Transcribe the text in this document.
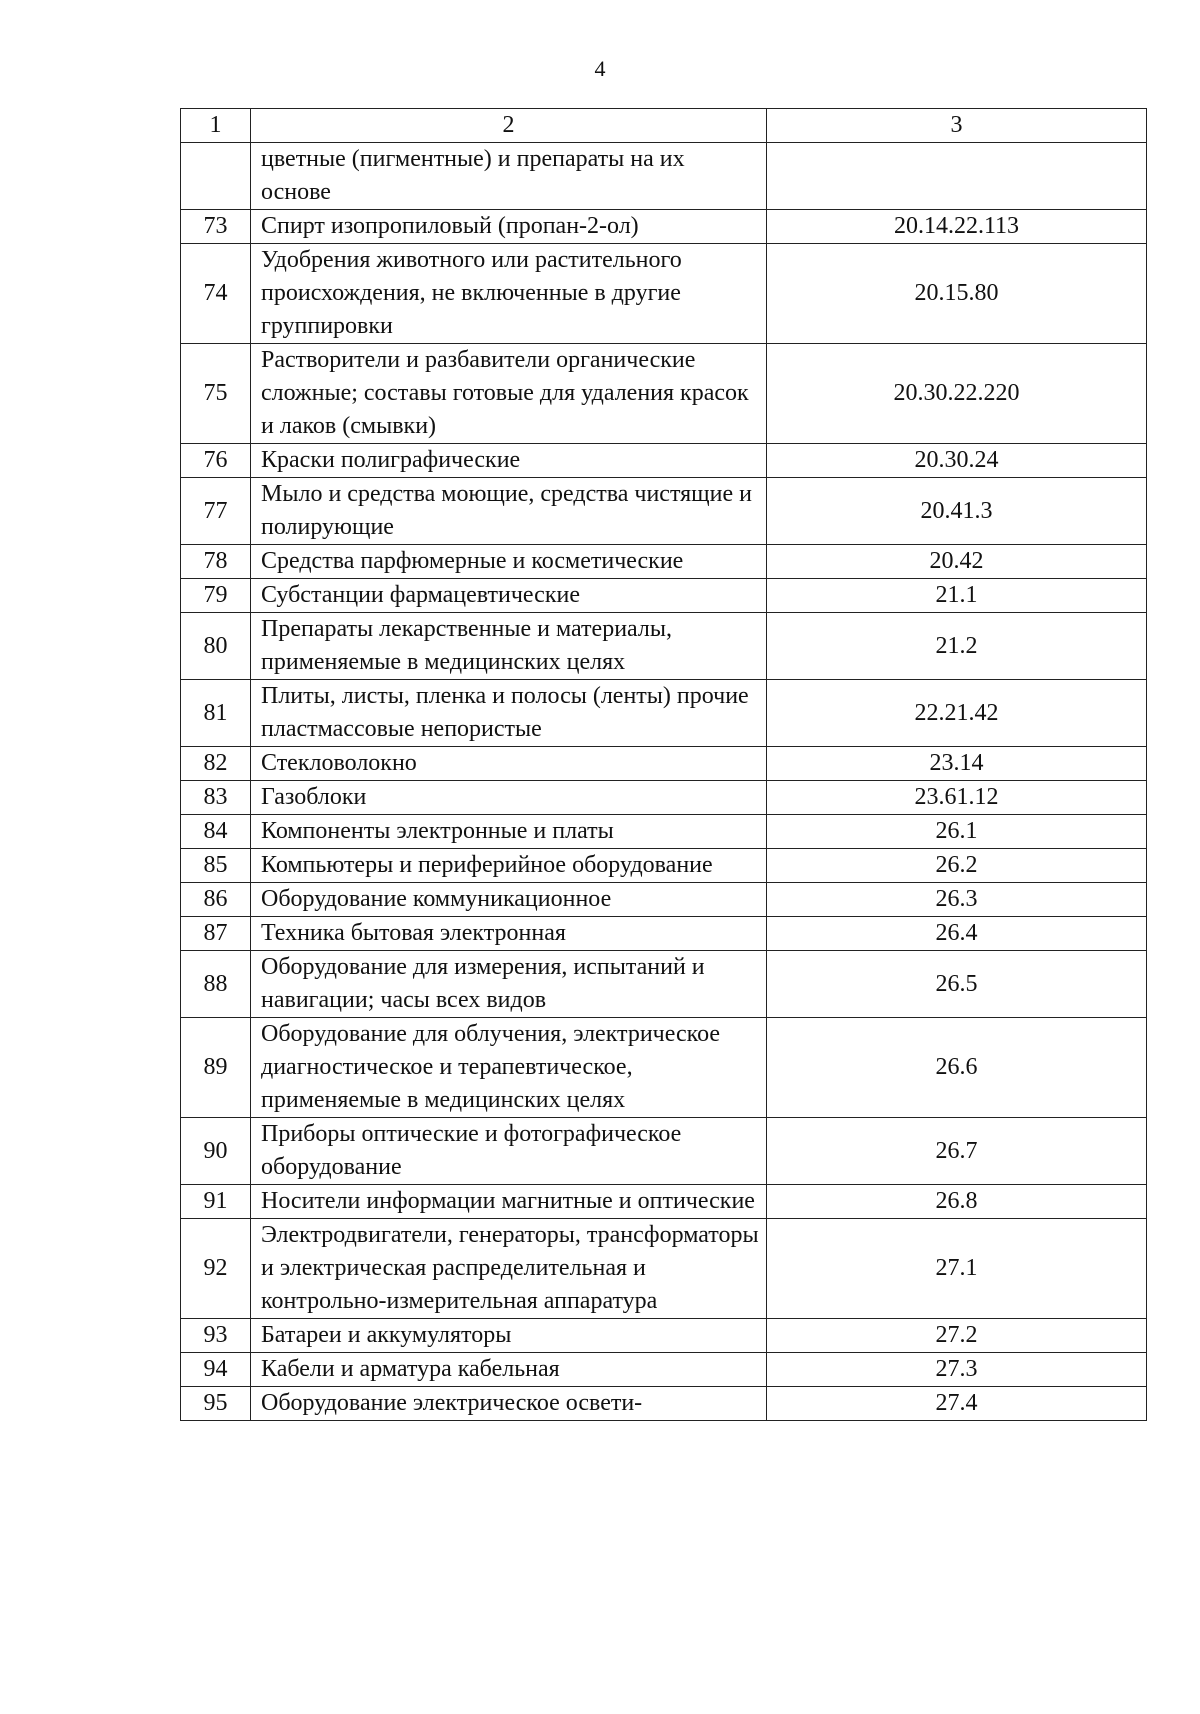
4
1	2	3
	цветные (пигментные) и препараты на их основе	
73	Спирт изопропиловый (пропан-2-ол)	20.14.22.113
74	Удобрения животного или растительного происхождения, не включенные в другие группировки	20.15.80
75	Растворители и разбавители органические сложные; составы готовые для удаления красок и лаков (смывки)	20.30.22.220
76	Краски полиграфические	20.30.24
77	Мыло и средства моющие, средства чистящие и полирующие	20.41.3
78	Средства парфюмерные и косметические	20.42
79	Субстанции фармацевтические	21.1
80	Препараты лекарственные и материалы, применяемые в медицинских целях	21.2
81	Плиты, листы, пленка и полосы (ленты) прочие пластмассовые непористые	22.21.42
82	Стекловолокно	23.14
83	Газоблоки	23.61.12
84	Компоненты электронные и платы	26.1
85	Компьютеры и периферийное оборудование	26.2
86	Оборудование коммуникационное	26.3
87	Техника бытовая электронная	26.4
88	Оборудование для измерения, испытаний и навигации; часы всех видов	26.5
89	Оборудование для облучения, электрическое диагностическое и терапевтическое, применяемые в медицинских целях	26.6
90	Приборы оптические и фотографическое оборудование	26.7
91	Носители информации магнитные и оптические	26.8
92	Электродвигатели, генераторы, трансформаторы и электрическая распределительная и контрольно-измерительная аппаратура	27.1
93	Батареи и аккумуляторы	27.2
94	Кабели и арматура кабельная	27.3
95	Оборудование электрическое освети-	27.4
